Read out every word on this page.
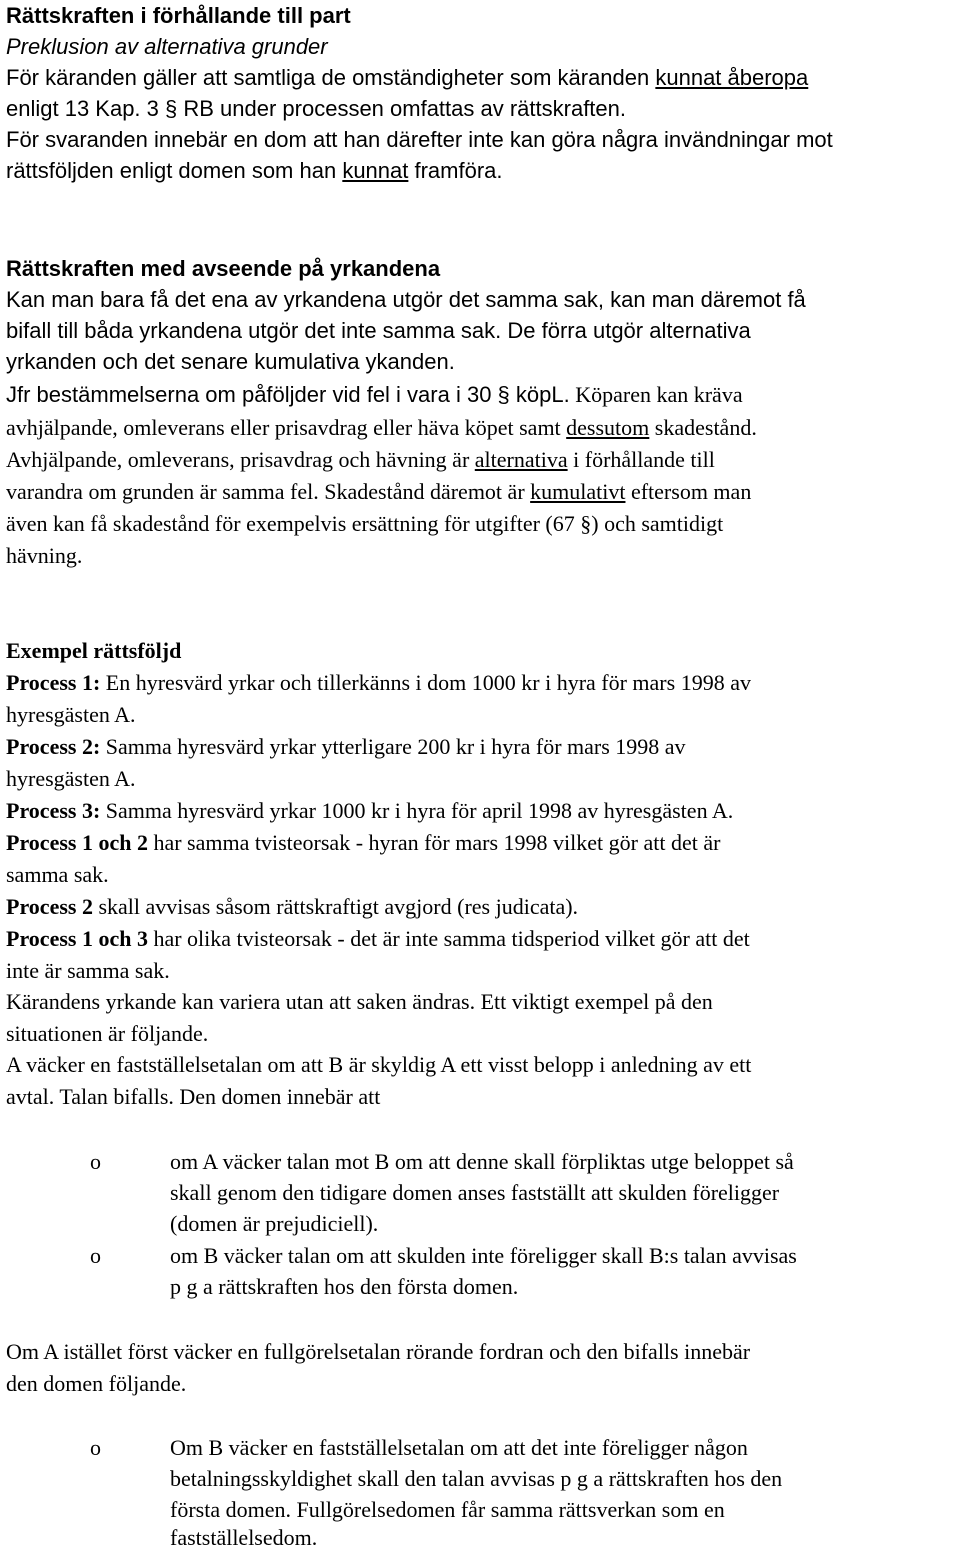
Rättskraften i förhållande till part
Preklusion av alternativa grunder
För käranden gäller att samtliga de omständigheter som käranden kunnat åberopa
enligt 13 Kap. 3 § RB under processen omfattas av rättskraften.
För svaranden innebär en dom att han därefter inte kan göra några invändningar mot
rättsföljden enligt domen som han kunnat framföra.
Rättskraften med avseende på yrkandena
Kan man bara få det ena av yrkandena utgör det samma sak, kan man däremot få
bifall till båda yrkandena utgör det inte samma sak. De förra utgör alternativa
yrkanden och det senare kumulativa ykanden.
Jfr bestämmelserna om påföljder vid fel i vara i 30 § köpL. Köparen kan kräva
avhjälpande, omleverans eller prisavdrag eller häva köpet samt dessutom skadestånd.
Avhjälpande, omleverans, prisavdrag och hävning är alternativa i förhållande till
varandra om grunden är samma fel. Skadestånd däremot är kumulativt eftersom man
även kan få skadestånd för exempelvis ersättning för utgifter (67 §) och samtidigt
hävning.
Exempel rättsföljd
Process 1: En hyresvärd yrkar och tillerkänns i dom 1000 kr i hyra för mars 1998 av
hyresgästen A.
Process 2: Samma hyresvärd yrkar ytterligare 200 kr i hyra för mars 1998 av
hyresgästen A.
Process 3: Samma hyresvärd yrkar 1000 kr i hyra för april 1998 av hyresgästen A.
Process 1 och 2 har samma tvisteorsak - hyran för mars 1998 vilket gör att det är
samma sak.
Process 2 skall avvisas såsom rättskraftigt avgjord (res judicata).
Process 1 och 3 har olika tvisteorsak - det är inte samma tidsperiod vilket gör att det
inte är samma sak.
Kärandens yrkande kan variera utan att saken ändras. Ett viktigt exempel på den
situationen är följande.
A väcker en fastställelsetalan om att B är skyldig A ett visst belopp i anledning av ett
avtal. Talan bifalls. Den domen innebär att
o	om A väcker talan mot B om att denne skall förpliktas utge beloppet så
skall genom den tidigare domen anses fastställt att skulden föreligger
(domen är prejudiciell).
o	om B väcker talan om att skulden inte föreligger skall B:s talan avvisas
p g a rättskraften hos den första domen.
Om A istället först väcker en fullgörelsetalan rörande fordran och den bifalls innebär
den domen följande.
o	Om B väcker en fastställelsetalan om att det inte föreligger någon
betalningsskyldighet skall den talan avvisas p g a rättskraften hos den
första domen. Fullgörelsedomen får samma rättsverkan som en
fastställelsedom.
